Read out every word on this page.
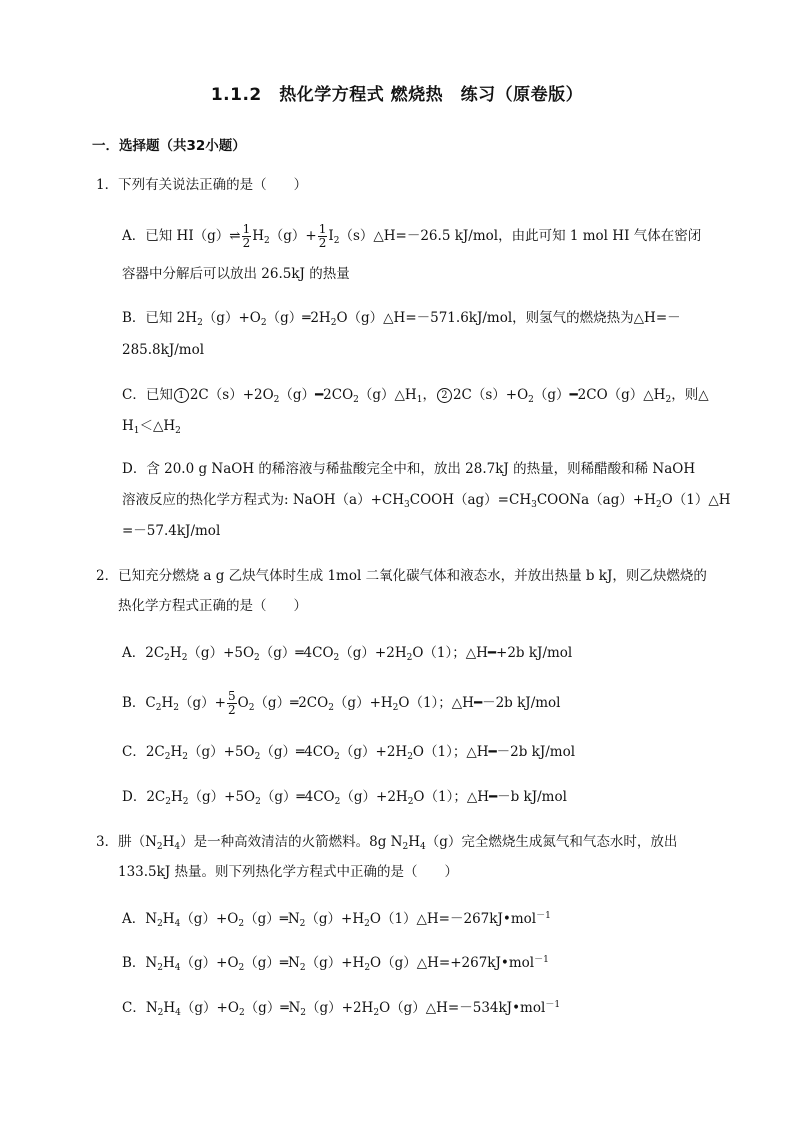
1.1.2　热化学方程式 燃烧热　练习（原卷版）
一．选择题（共32小题）
1．下列有关说法正确的是（　　）
A．已知 HI（g）⇌ $\frac{1}{2} H_2(g)+ \frac{1}{2}$ $I_2(s)\triangle H=-26.5$ kJ/mol，由此可知 1 mol HI 气体在密闭
容器中分解后可以放出 26.5kJ 的热量
B．已知 $2H_2(g)+O_2(g)═2H_2O(g)\triangle H=-571.6kJ$/mol，则氢气的燃烧热为△H=－
285.8kJ/mol
C．已知 1 $2C(s)+2O_2(g)━2CO_2(g)\triangle H_1$， 2 $2C(s)+O_2(g)━2CO(g)\triangle H_2$，则△
$H_1<\triangle H_2$
D．含 20.0 g NaOH 的稀溶液与稀盐酸完全中和，放出 28.7kJ 的热量，则稀醋酸和稀 NaOH
溶液反应的热化学方程式为: $NaOH(a)+CH_3COOH(ag)=CH_3COONa(ag)+H_2O(1)\triangle H$
=－57.4kJ/mol
2．已知充分燃烧 a g 乙炔气体时生成 1mol 二氧化碳气体和液态水，并放出热量 b kJ，则乙炔燃烧的
热化学方程式正确的是（　　）
A．$2C_2H_2(g)+5O_2(g)═4CO_2(g)+2H_2O(1)$；△H━+2b kJ/mol
B．$C_2H_2(g)+ \frac{5}{2}$ $O_2(g)═2CO_2(g)+H_2O(1)$；△H━－2b kJ/mol
C．$2C_2H_2(g)+5O_2(g)═4CO_2(g)+2H_2O(1)$；△H━－2b kJ/mol
D．$2C_2H_2(g)+5O_2(g)═4CO_2(g)+2H_2O(1)$；△H━－b kJ/mol
3．肼$(N_2H_4)$是一种高效清洁的火箭燃料。8g $N_2H_4(g)$完全燃烧生成氮气和气态水时，放出
133.5kJ 热量。则下列热化学方程式中正确的是（　　）
A．$N_2H_4(g)+O_2(g)═N_2(g)+H_2O(1)\triangle H=-267kJ•mol^{-1}$
B．$N_2H_4(g)+O_2(g)═N_2(g)+H_2O(g)\triangle H=+267kJ•mol^{-1}$
C．$N_2H_4(g)+O_2(g)═N_2(g)+2H_2O(g)\triangle H=-534kJ•mol^{-1}$
